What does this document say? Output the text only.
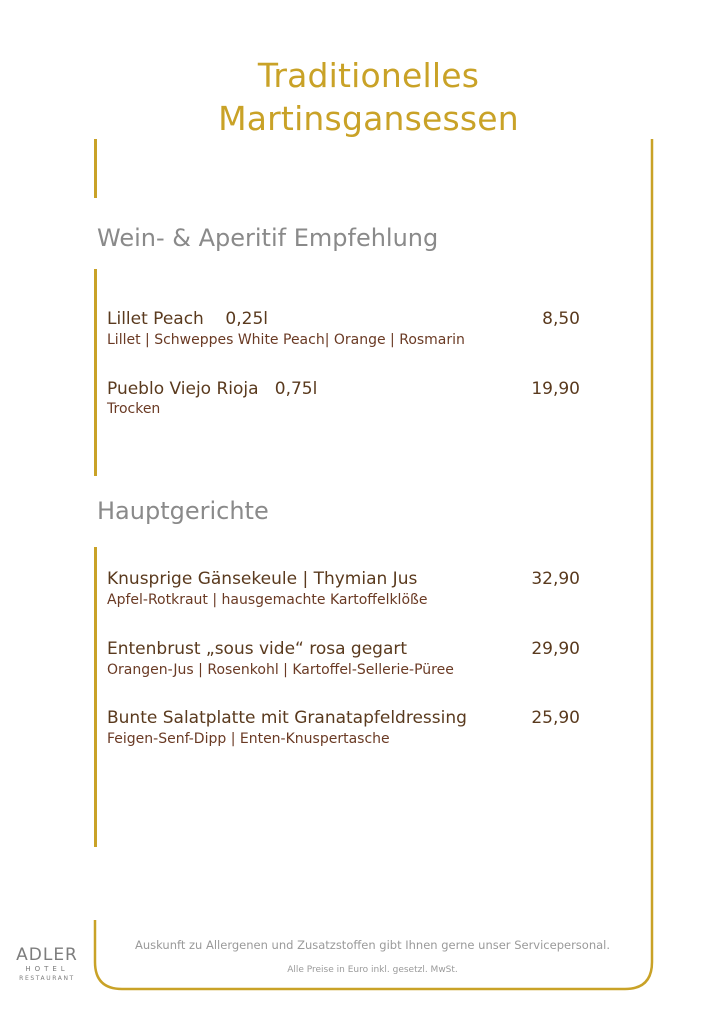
Traditionelles
Martinsgansessen
Wein- & Aperitif Empfehlung
Lillet Peach    0,25l	8,50
Lillet | Schweppes White Peach| Orange | Rosmarin
Pueblo Viejo Rioja   0,75l	19,90
Trocken
Hauptgerichte
Knusprige Gänsekeule | Thymian Jus	32,90
Apfel-Rotkraut | hausgemachte Kartoffelklöße
Entenbrust „sous vide“ rosa gegart	29,90
Orangen-Jus | Rosenkohl | Kartoffel-Sellerie-Püree
Bunte Salatplatte mit Granatapfeldressing	25,90
Feigen-Senf-Dipp | Enten-Knuspertasche
Auskunft zu Allergenen und Zusatzstoffen gibt Ihnen gerne unser Servicepersonal.
Alle Preise in Euro inkl. gesetzl. MwSt.
ADLER
HOTEL
RESTAURANT
